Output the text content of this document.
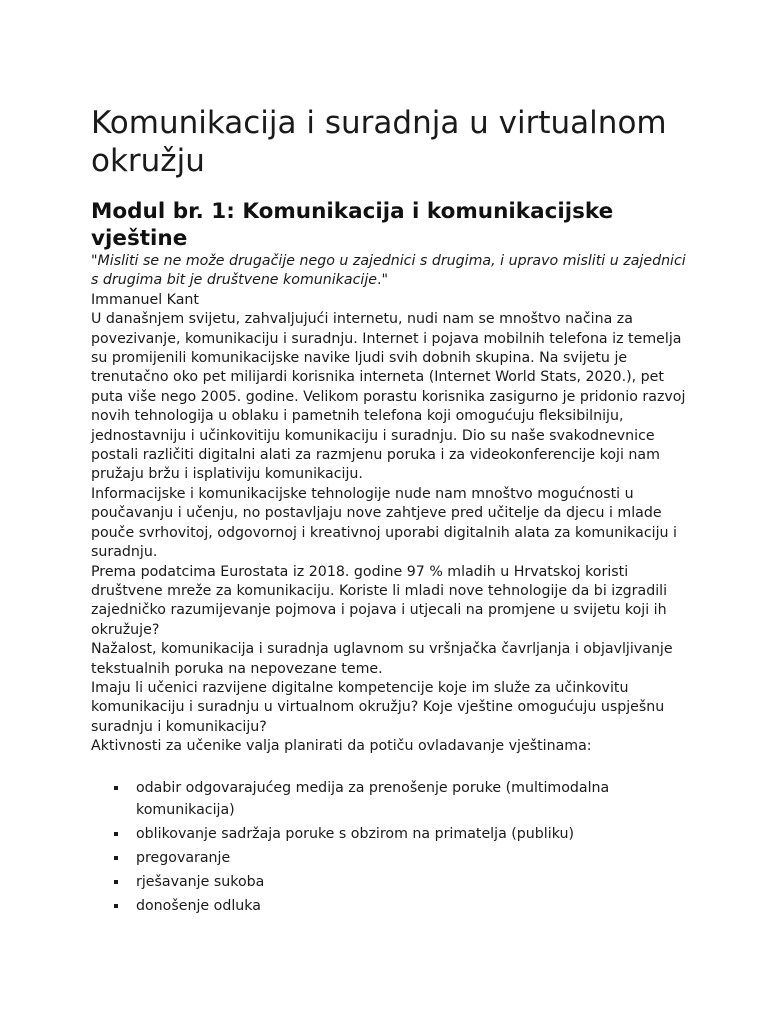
Komunikacija i suradnja u virtualnom okružju
Modul br. 1: Komunikacija i komunikacijske vještine

"Misliti se ne može drugačije nego u zajednici s drugima, i upravo misliti u zajednici s drugima bit je društvene komunikacije."

Immanuel Kant

U današnjem svijetu, zahvaljujući internetu, nudi nam se mnoštvo načina za povezivanje, komunikaciju i suradnju. Internet i pojava mobilnih telefona iz temelja su promijenili komunikacijske navike ljudi svih dobnih skupina. Na svijetu je trenutačno oko pet milijardi korisnika interneta (Internet World Stats, 2020.), pet puta više nego 2005. godine. Velikom porastu korisnika zasigurno je pridonio razvoj novih tehnologija u oblaku i pametnih telefona koji omogućuju fleksibilniju, jednostavniju i učinkovitiju komunikaciju i suradnju. Dio su naše svakodnevnice postali različiti digitalni alati za razmjenu poruka i za videokonferencije koji nam pružaju bržu i isplativiju komunikaciju.

Informacijske i komunikacijske tehnologije nude nam mnoštvo mogućnosti u poučavanju i učenju, no postavljaju nove zahtjeve pred učitelje da djecu i mlade pouče svrhovitoj, odgovornoj i kreativnoj uporabi digitalnih alata za komunikaciju i suradnju.

Prema podatcima Eurostata iz 2018. godine 97 % mladih u Hrvatskoj koristi društvene mreže za komunikaciju. Koriste li mladi nove tehnologije da bi izgradili zajedničko razumijevanje pojmova i pojava i utjecali na promjene u svijetu koji ih okružuje?

Nažalost, komunikacija i suradnja uglavnom su vršnjačka čavrljanja i objavljivanje tekstualnih poruka na nepovezane teme.

Imaju li učenici razvijene digitalne kompetencije koje im služe za učinkovitu komunikaciju i suradnju u virtualnom okružju? Koje vještine omogućuju uspješnu suradnju i komunikaciju?

Aktivnosti za učenike valja planirati da potiču ovladavanje vještinama:

odabir odgovarajućeg medija za prenošenje poruke (multimodalna komunikacija)
oblikovanje sadržaja poruke s obzirom na primatelja (publiku)
pregovaranje
rješavanje sukoba
donošenje odluka
